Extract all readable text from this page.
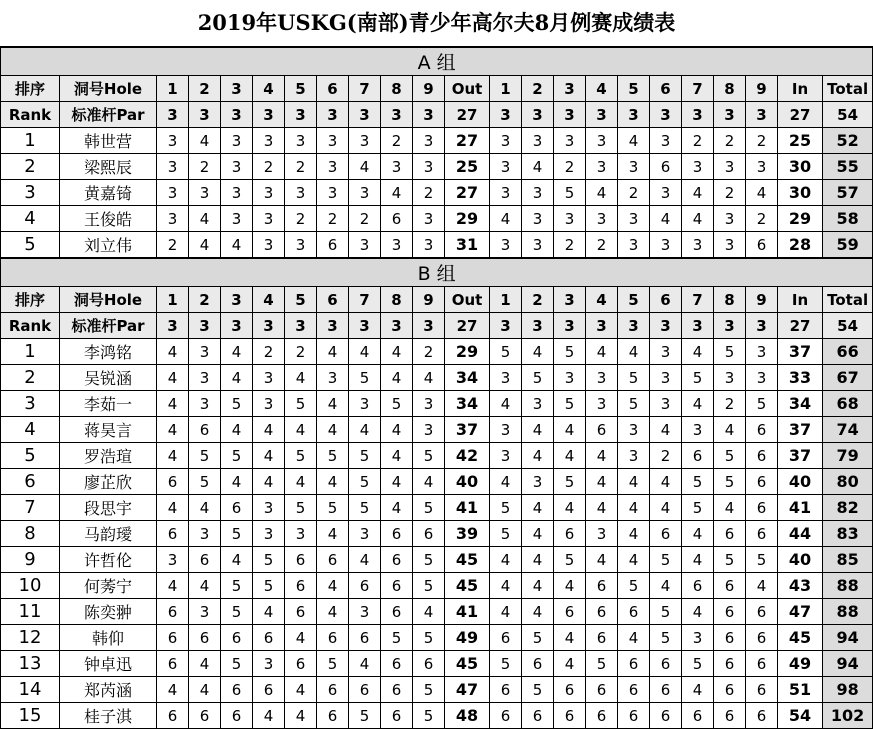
2019年USKG(南部)青少年高尔夫8月例赛成绩表
A 组																						
排序	洞号Hole	1	2	3	4	5	6	7	8	9	Out	1	2	3	4	5	6	7	8	9	In	Total
Rank	标准杆Par	3	3	3	3	3	3	3	3	3	27	3	3	3	3	3	3	3	3	3	27	54
1	韩世营	3	4	3	3	3	3	3	2	3	27	3	3	3	3	4	3	2	2	2	25	52
2	梁熙辰	3	2	3	2	2	3	4	3	3	25	3	4	2	3	3	6	3	3	3	30	55
3	黄嘉锜	3	3	3	3	3	3	3	4	2	27	3	3	5	4	2	3	4	2	4	30	57
4	王俊皓	3	4	3	3	2	2	2	6	3	29	4	3	3	3	3	4	4	3	2	29	58
5	刘立伟	2	4	4	3	3	6	3	3	3	31	3	3	2	2	3	3	3	3	6	28	59
B 组																						
排序	洞号Hole	1	2	3	4	5	6	7	8	9	Out	1	2	3	4	5	6	7	8	9	In	Total
Rank	标准杆Par	3	3	3	3	3	3	3	3	3	27	3	3	3	3	3	3	3	3	3	27	54
1	李鸿铭	4	3	4	2	2	4	4	4	2	29	5	4	5	4	4	3	4	5	3	37	66
2	吴锐涵	4	3	4	3	4	3	5	4	4	34	3	5	3	3	5	3	5	3	3	33	67
3	李茹一	4	3	5	3	5	4	3	5	3	34	4	3	5	3	5	3	4	2	5	34	68
4	蒋昊言	4	6	4	4	4	4	4	4	3	37	3	4	4	6	3	4	3	4	6	37	74
5	罗浩瑄	4	5	5	4	5	5	5	4	5	42	3	4	4	4	3	2	6	5	6	37	79
6	廖芷欣	6	5	4	4	4	4	5	4	4	40	4	3	5	4	4	4	5	5	6	40	80
7	段思宇	4	4	6	3	5	5	5	4	5	41	5	4	4	4	4	4	5	4	6	41	82
8	马韵璦	6	3	5	3	3	4	3	6	6	39	5	4	6	3	4	6	4	6	6	44	83
9	许哲伦	3	6	4	5	6	6	4	6	5	45	4	4	5	4	4	5	4	5	5	40	85
10	何莠宁	4	4	5	5	6	4	6	6	5	45	4	4	4	6	5	4	6	6	4	43	88
11	陈奕翀	6	3	5	4	6	4	3	6	4	41	4	4	6	6	6	5	4	6	6	47	88
12	韩仰	6	6	6	6	4	6	6	5	5	49	6	5	4	6	4	5	3	6	6	45	94
13	钟卓迅	6	4	5	3	6	5	4	6	6	45	5	6	4	5	6	6	5	6	6	49	94
14	郑芮涵	4	4	6	6	4	6	6	6	5	47	6	5	6	6	6	6	4	6	6	51	98
15	桂子淇	6	6	6	4	4	6	5	6	5	48	6	6	6	6	6	6	6	6	6	54	102
